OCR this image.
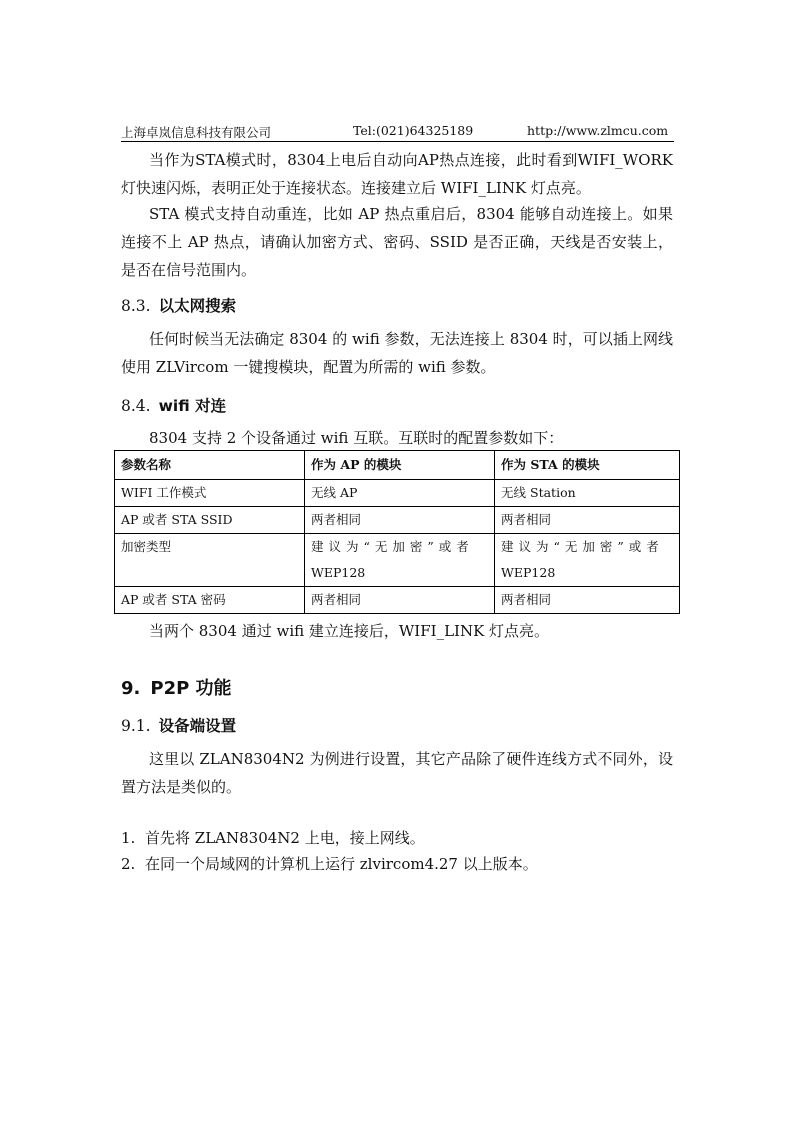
上海卓岚信息科技有限公司	Tel:(021)64325189	http://www.zlmcu.com

当作为STA模式时，8304上电后自动向AP热点连接，此时看到WIFI_WORK灯快速闪烁，表明正处于连接状态。连接建立后 WIFI_LINK 灯点亮。

STA 模式支持自动重连，比如 AP 热点重启后，8304 能够自动连接上。如果连接不上 AP 热点，请确认加密方式、密码、SSID 是否正确，天线是否安装上，是否在信号范围内。

8.3. 以太网搜索

任何时候当无法确定 8304 的 wifi 参数，无法连接上 8304 时，可以插上网线使用 ZLVircom 一键搜模块，配置为所需的 wifi 参数。

8.4. wifi 对连

8304 支持 2 个设备通过 wifi 互联。互联时的配置参数如下：

参数名称	作为 AP 的模块	作为 STA 的模块
WIFI 工作模式	无线 AP	无线 Station
AP 或者 STA SSID	两者相同	两者相同
加密类型	建议为“无加密”或者	建议为“无加密”或者
	WEP128	WEP128
AP 或者 STA 密码	两者相同	两者相同

当两个 8304 通过 wifi 建立连接后，WIFI_LINK 灯点亮。

9. P2P 功能
9.1. 设备端设置

这里以 ZLAN8304N2 为例进行设置，其它产品除了硬件连线方式不同外，设置方法是类似的。

1. 首先将 ZLAN8304N2 上电，接上网线。

2. 在同一个局域网的计算机上运行 zlvircom4.27 以上版本。
